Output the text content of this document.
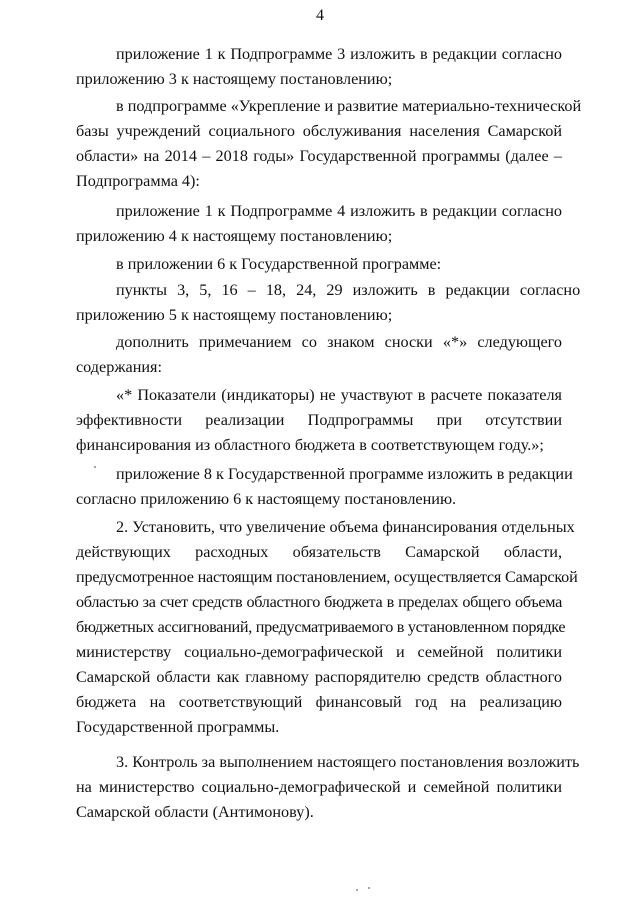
4
приложение 1 к Подпрограмме 3 изложить в редакции согласно
приложению 3 к настоящему постановлению;
в подпрограмме «Укрепление и развитие материально-технической
базы учреждений социального обслуживания населения Самарской
области» на 2014 – 2018 годы» Государственной программы (далее –
Подпрограмма 4):
приложение 1 к Подпрограмме 4 изложить в редакции согласно
приложению 4 к настоящему постановлению;
в приложении 6 к Государственной программе:
пункты 3, 5, 16 – 18, 24, 29 изложить в редакции согласно
приложению 5 к настоящему постановлению;
дополнить примечанием со знаком сноски «*» следующего
содержания:
«* Показатели (индикаторы) не участвуют в расчете показателя
эффективности реализации Подпрограммы при отсутствии
финансирования из областного бюджета в соответствующем году.»;
приложение 8 к Государственной программе изложить в редакции
согласно приложению 6 к настоящему постановлению.
2. Установить, что увеличение объема финансирования отдельных
действующих расходных обязательств Самарской области,
предусмотренное настоящим постановлением, осуществляется Самарской
областью за счет средств областного бюджета в пределах общего объема
бюджетных ассигнований, предусматриваемого в установленном порядке
министерству социально-демографической и семейной политики
Самарской области как главному распорядителю средств областного
бюджета на соответствующий финансовый год на реализацию
Государственной программы.
3. Контроль за выполнением настоящего постановления возложить
на министерство социально-демографической и семейной политики
Самарской области (Антимонову).
